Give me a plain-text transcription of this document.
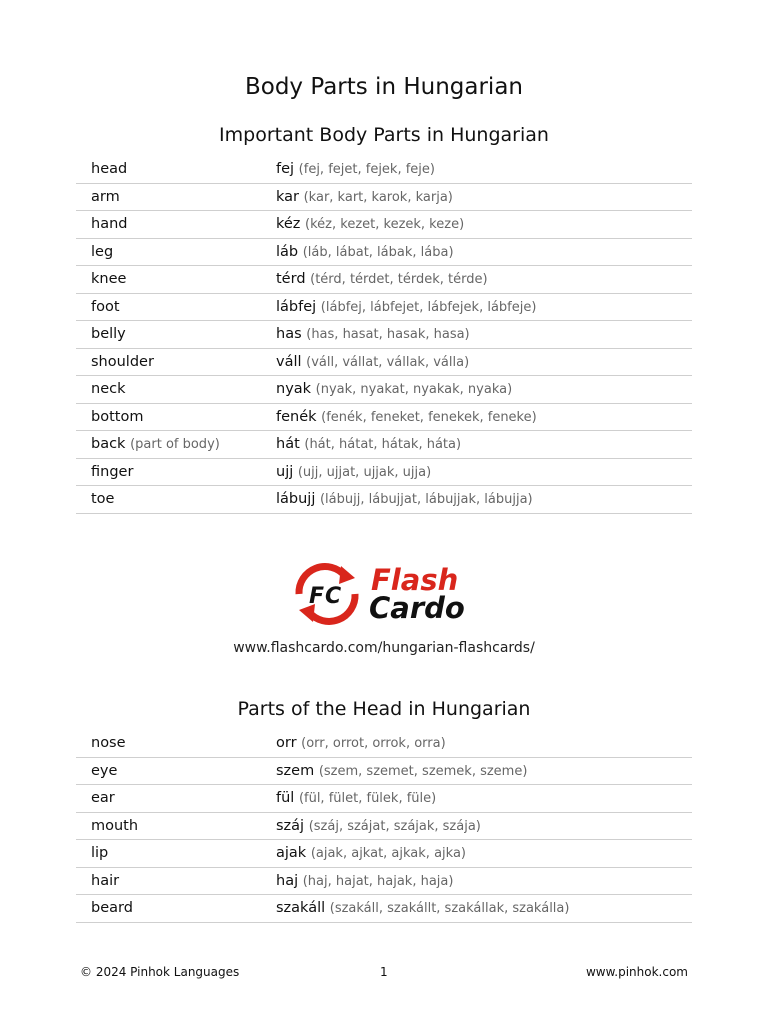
Body Parts in Hungarian
Important Body Parts in Hungarian
head	fej (fej, fejet, fejek, feje)
arm	kar (kar, kart, karok, karja)
hand	kéz (kéz, kezet, kezek, keze)
leg	láb (láb, lábat, lábak, lába)
knee	térd (térd, térdet, térdek, térde)
foot	lábfej (lábfej, lábfejet, lábfejek, lábfeje)
belly	has (has, hasat, hasak, hasa)
shoulder	váll (váll, vállat, vállak, válla)
neck	nyak (nyak, nyakat, nyakak, nyaka)
bottom	fenék (fenék, feneket, fenekek, feneke)
back (part of body)	hát (hát, hátat, hátak, háta)
finger	ujj (ujj, ujjat, ujjak, ujja)
toe	lábujj (lábujj, lábujjat, lábujjak, lábujja)
F C Flash
Cardo
www.flashcardo.com/hungarian-flashcards/
Parts of the Head in Hungarian
nose	orr (orr, orrot, orrok, orra)
eye	szem (szem, szemet, szemek, szeme)
ear	fül (fül, fület, fülek, füle)
mouth	száj (száj, szájat, szájak, szája)
lip	ajak (ajak, ajkat, ajkak, ajka)
hair	haj (haj, hajat, hajak, haja)
beard	szakáll (szakáll, szakállt, szakállak, szakálla)
© 2024 Pinhok Languages	1	www.pinhok.com
